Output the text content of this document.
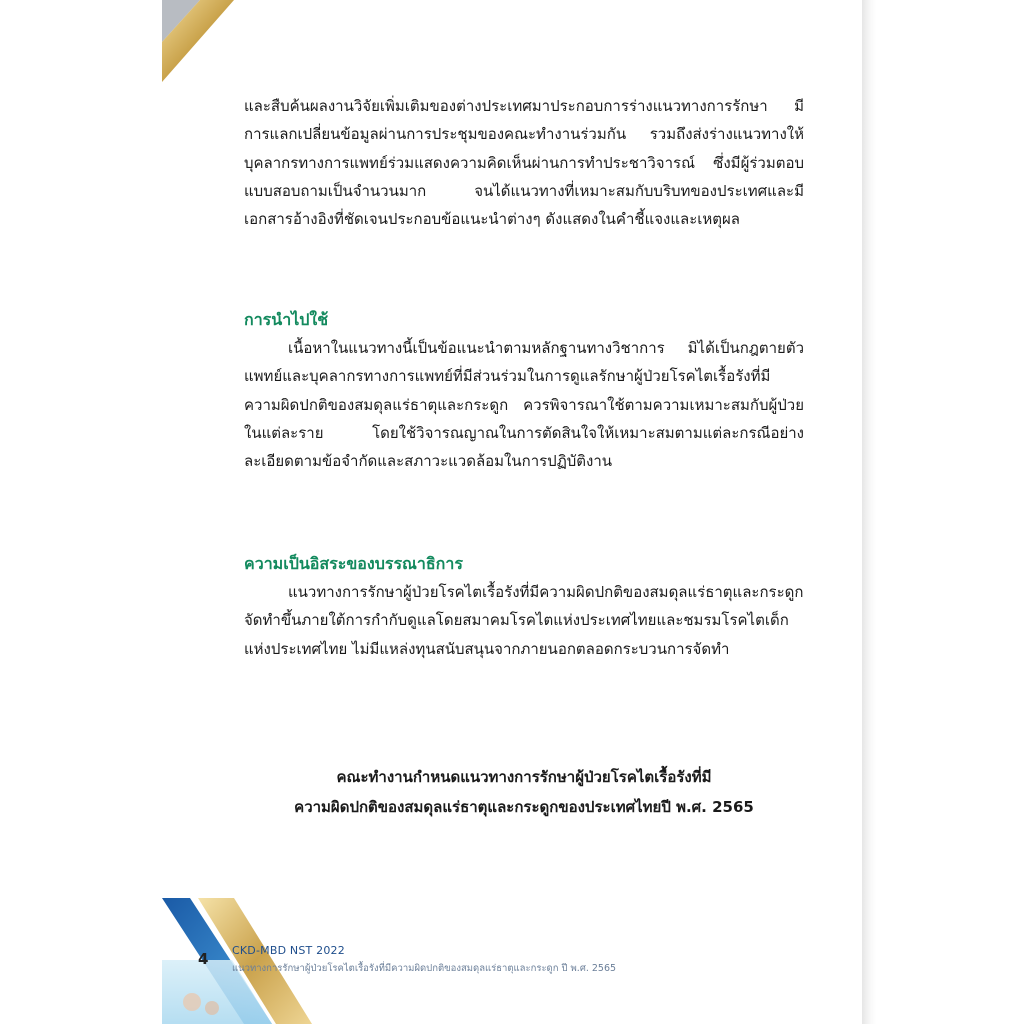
และสืบค้นผลงานวิจัยเพิ่มเติมของต่างประเทศมาประกอบการร่างแนวทางการรักษา มีการแลกเปลี่ยนข้อมูลผ่านการประชุมของคณะทำงานร่วมกัน รวมถึงส่งร่างแนวทางให้บุคลากรทางการแพทย์ร่วมแสดงความคิดเห็นผ่านการทำประชาวิจารณ์ ซึ่งมีผู้ร่วมตอบแบบสอบถามเป็นจำนวนมาก จนได้แนวทางที่เหมาะสมกับบริบทของประเทศและมีเอกสารอ้างอิงที่ชัดเจนประกอบข้อแนะนำต่างๆ ดังแสดงในคำชี้แจงและเหตุผล

การนำไปใช้

เนื้อหาในแนวทางนี้เป็นข้อแนะนำตามหลักฐานทางวิชาการ มิได้เป็นกฎตายตัว แพทย์และบุคลากรทางการแพทย์ที่มีส่วนร่วมในการดูแลรักษาผู้ป่วยโรคไตเรื้อรังที่มีความผิดปกติของสมดุลแร่ธาตุและกระดูก ควรพิจารณาใช้ตามความเหมาะสมกับผู้ป่วยในแต่ละราย โดยใช้วิจารณญาณในการตัดสินใจให้เหมาะสมตามแต่ละกรณีอย่างละเอียดตามข้อจำกัดและสภาวะแวดล้อมในการปฏิบัติงาน

ความเป็นอิสระของบรรณาธิการ

แนวทางการรักษาผู้ป่วยโรคไตเรื้อรังที่มีความผิดปกติของสมดุลแร่ธาตุและกระดูกจัดทำขึ้นภายใต้การกำกับดูแลโดยสมาคมโรคไตแห่งประเทศไทยและชมรมโรคไตเด็กแห่งประเทศไทย ไม่มีแหล่งทุนสนับสนุนจากภายนอกตลอดกระบวนการจัดทำ

คณะทำงานกำหนดแนวทางการรักษาผู้ป่วยโรคไตเรื้อรังที่มี
ความผิดปกติของสมดุลแร่ธาตุและกระดูกของประเทศไทยปี พ.ศ. 2565
4 CKD-MBD NST 2022
แนวทางการรักษาผู้ป่วยโรคไตเรื้อรังที่มีความผิดปกติของสมดุลแร่ธาตุและกระดูก ปี พ.ศ. 2565
